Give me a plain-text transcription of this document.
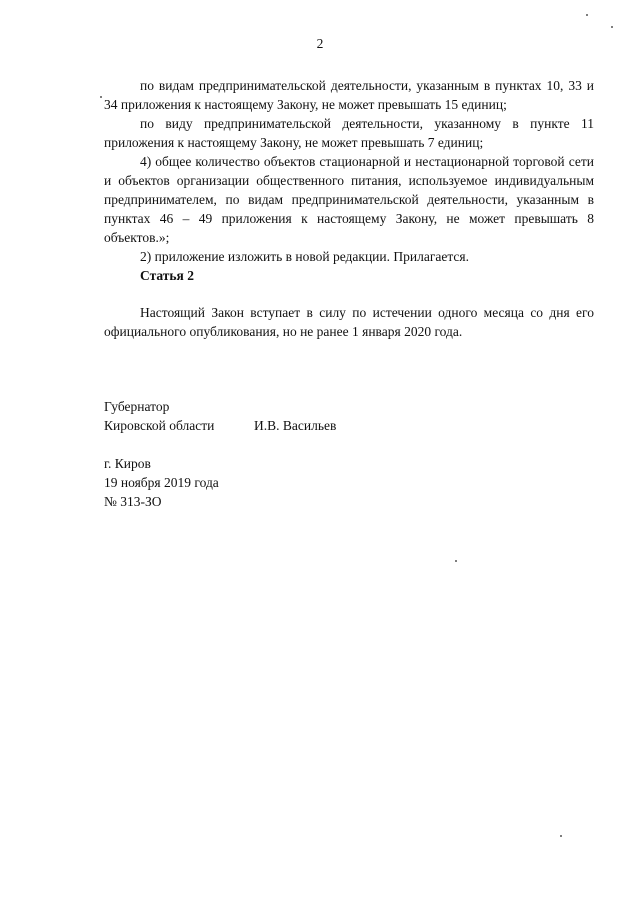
2

по видам предпринимательской деятельности, указанным в пунктах 10, 33 и 34 приложения к настоящему Закону, не может превышать 15 единиц;

по виду предпринимательской деятельности, указанному в пункте 11 приложения к настоящему Закону, не может превышать 7 единиц;

4) общее количество объектов стационарной и нестационарной торговой сети и объектов организации общественного питания, используемое индивидуальным предпринимателем, по видам предпринимательской деятельности, указанным в пунктах 46 – 49 приложения к настоящему Закону, не может превышать 8 объектов.»;

2) приложение изложить в новой редакции. Прилагается.

Статья 2

Настоящий Закон вступает в силу по истечении одного месяца со дня его официального опубликования, но не ранее 1 января 2020 года.

Губернатор
Кировской области	И.В. Васильев
г. Киров
19 ноября 2019 года
№ 313-ЗО
